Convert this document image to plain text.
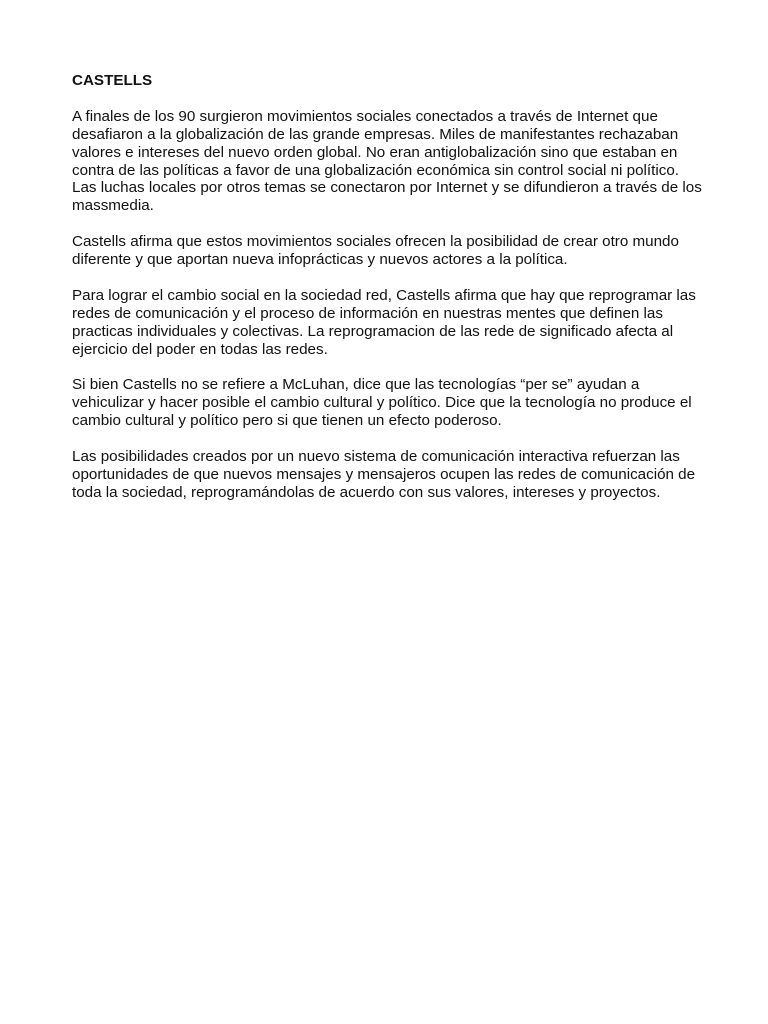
CASTELLS

A finales de los 90 surgieron movimientos sociales conectados a través de Internet que
desafiaron a la globalización de las grande empresas. Miles de manifestantes rechazaban
valores e intereses del nuevo orden global. No eran antiglobalización sino que estaban en
contra de las políticas a favor de una globalización económica sin control social ni político.
Las luchas locales por otros temas se conectaron por Internet y se difundieron a través de los
massmedia.

Castells afirma que estos movimientos sociales ofrecen la posibilidad de crear otro mundo
diferente y que aportan nueva infoprácticas y nuevos actores a la política.

Para lograr el cambio social en la sociedad red, Castells afirma que hay que reprogramar las
redes de comunicación y el proceso de información en nuestras mentes que definen las
practicas individuales y colectivas. La reprogramacion de las rede de significado afecta al
ejercicio del poder en todas las redes.

Si bien Castells no se refiere a McLuhan, dice que las tecnologías “per se” ayudan a
vehiculizar y hacer posible el cambio cultural y político. Dice que la tecnología no produce el
cambio cultural y político pero si que tienen un efecto poderoso.

Las posibilidades creados por un nuevo sistema de comunicación interactiva refuerzan las
oportunidades de que nuevos mensajes y mensajeros ocupen las redes de comunicación de
toda la sociedad, reprogramándolas de acuerdo con sus valores, intereses y proyectos.
